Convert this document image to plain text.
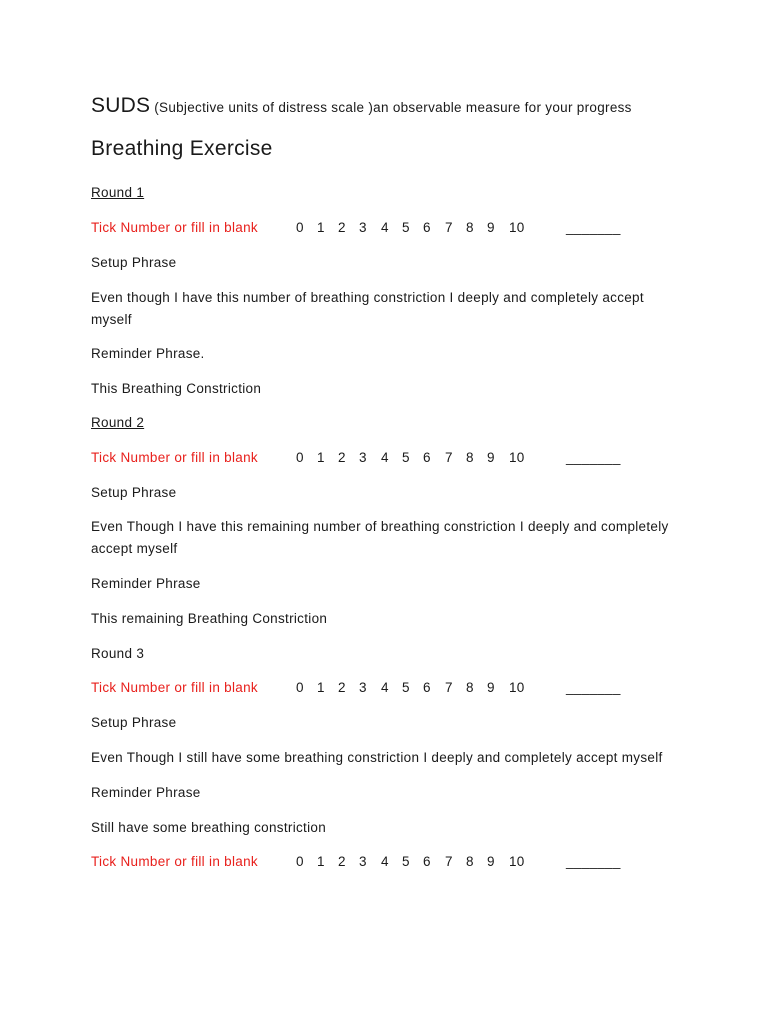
SUDS (Subjective units of distress scale )an observable measure for your progress
Breathing Exercise
Round 1
Tick Number or fill in blank	0 1 2 3 4 5 6 7 8 9 10	_______
Setup Phrase
Even though I have this number of breathing constriction I deeply and completely accept myself
Reminder Phrase.
This Breathing Constriction
Round 2
Tick Number or fill in blank	0 1 2 3 4 5 6 7 8 9 10	_______
Setup Phrase
Even Though I have this remaining number of breathing constriction I deeply and completely accept myself
Reminder Phrase
This remaining Breathing Constriction
Round 3
Tick Number or fill in blank	0 1 2 3 4 5 6 7 8 9 10	_______
Setup Phrase
Even Though I still have some breathing constriction I deeply and completely accept myself
Reminder Phrase
Still have some breathing constriction
Tick Number or fill in blank	0 1 2 3 4 5 6 7 8 9 10	_______
